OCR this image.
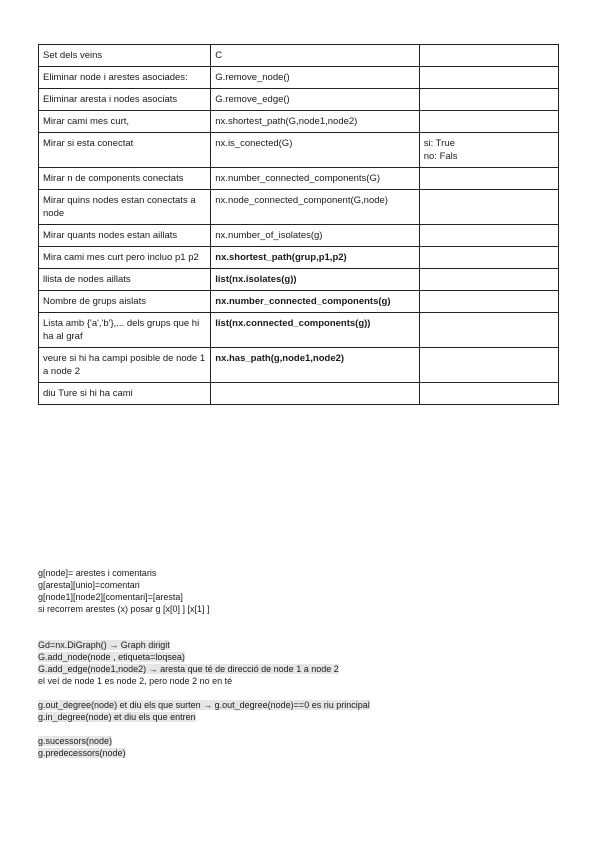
Set dels veins	C	
Eliminar node i arestes asociades:	G.remove_node()	
Eliminar aresta i nodes asociats	G.remove_edge()	
Mirar cami mes curt,	nx.shortest_path(G,node1,node2)	
Mirar si esta conectat	nx.is_conected(G)	si: True
no: Fals
Mirar n de components conectats	nx.number_connected_components(G)	
Mirar quins nodes estan conectats a node	nx.node_connected_component(G,node)	
Mirar quants nodes estan aillats	nx.number_of_isolates(g)	
Mira cami mes curt pero incluo p1 p2	nx.shortest_path(grup,p1,p2)	
llista de nodes aillats	list(nx.isolates(g))	
Nombre de grups aislats	nx.number_connected_components(g)	
Lista amb {'a','b'},... dels grups que hi ha al graf	list(nx.connected_components(g))	
veure si hi ha campi posible de node 1 a node 2	nx.has_path(g,node1,node2)	
diu Ture si hi ha cami		
g[node]= arestes i comentaris
g[aresta][unio]=comentari
g[node1][node2][comentari]=[aresta]
si recorrem arestes (x) posar g [x[0] ] [x[1] ]
Gd=nx.DiGraph() → Graph dirigit
G.add_node(node , etiqueta=loqsea)
G.add_edge(node1,node2) → aresta que té de direcció de node 1 a node 2
el veí de node 1 es node 2, pero node 2 no en té
g.out_degree(node) et diu els que surten → g.out_degree(node)==0 es riu principal
g.in_degree(node) et diu els que entren
g.sucessors(node)
g.predecessors(node)
